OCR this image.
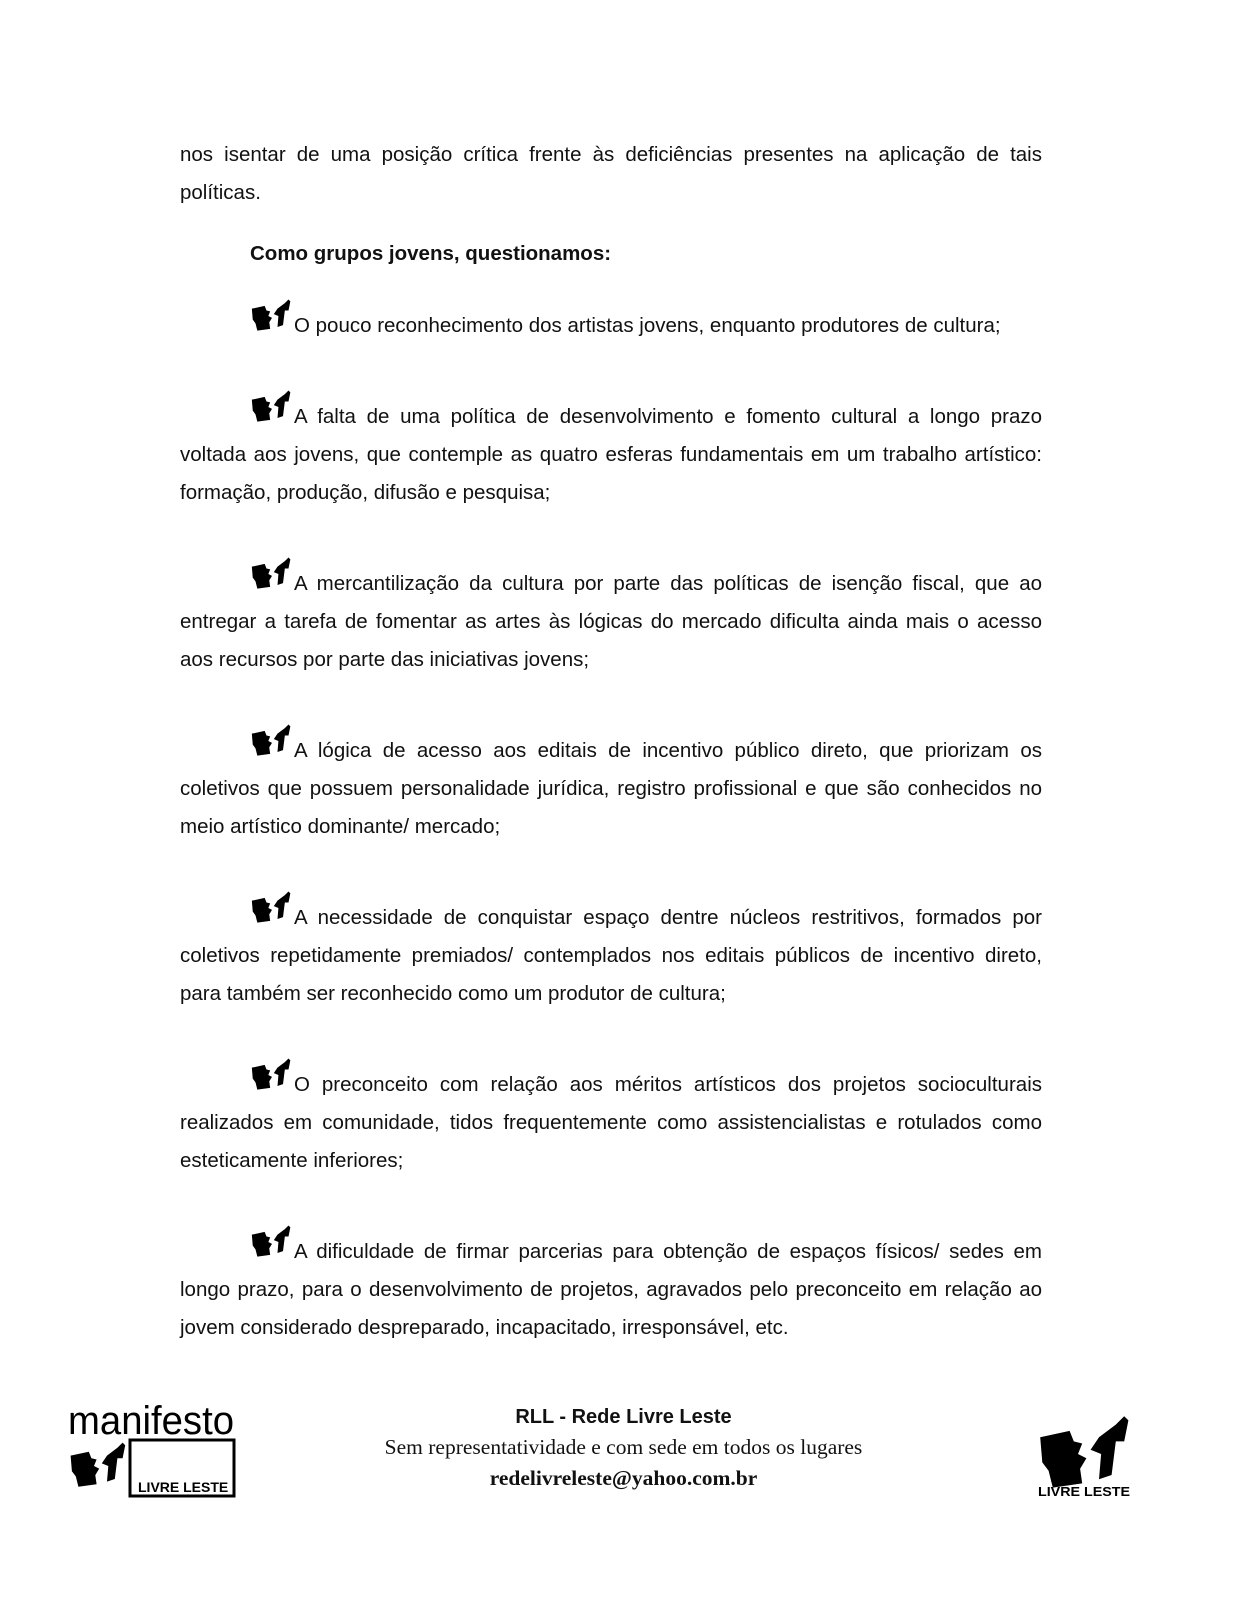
nos isentar de uma posição crítica frente às deficiências presentes na aplicação de tais políticas.

Como grupos jovens, questionamos:

O pouco reconhecimento dos artistas jovens, enquanto produtores de cultura;

A falta de uma política de desenvolvimento e fomento cultural a longo prazo voltada aos jovens, que contemple as quatro esferas fundamentais em um trabalho artístico: formação, produção, difusão e pesquisa;

A mercantilização da cultura por parte das políticas de isenção fiscal, que ao entregar a tarefa de fomentar as artes às lógicas do mercado dificulta ainda mais o acesso aos recursos por parte das iniciativas jovens;

A lógica de acesso aos editais de incentivo público direto, que priorizam os coletivos que possuem personalidade jurídica, registro profissional e que são conhecidos no meio artístico dominante/ mercado;

A necessidade de conquistar espaço dentre núcleos restritivos, formados por coletivos repetidamente premiados/ contemplados nos editais públicos de incentivo direto, para também ser reconhecido como um produtor de cultura;

O preconceito com relação aos méritos artísticos dos projetos socioculturais realizados em comunidade, tidos frequentemente como assistencialistas e rotulados como esteticamente inferiores;

A dificuldade de firmar parcerias para obtenção de espaços físicos/ sedes em longo prazo, para o desenvolvimento de projetos, agravados pelo preconceito em relação ao jovem considerado despreparado, incapacitado, irresponsável, etc.

RLL - Rede Livre Leste
Sem representatividade e com sede em todos os lugares
redelivreleste@yahoo.com.br
manifesto
LIVRE LESTE	LIVRE LESTE
